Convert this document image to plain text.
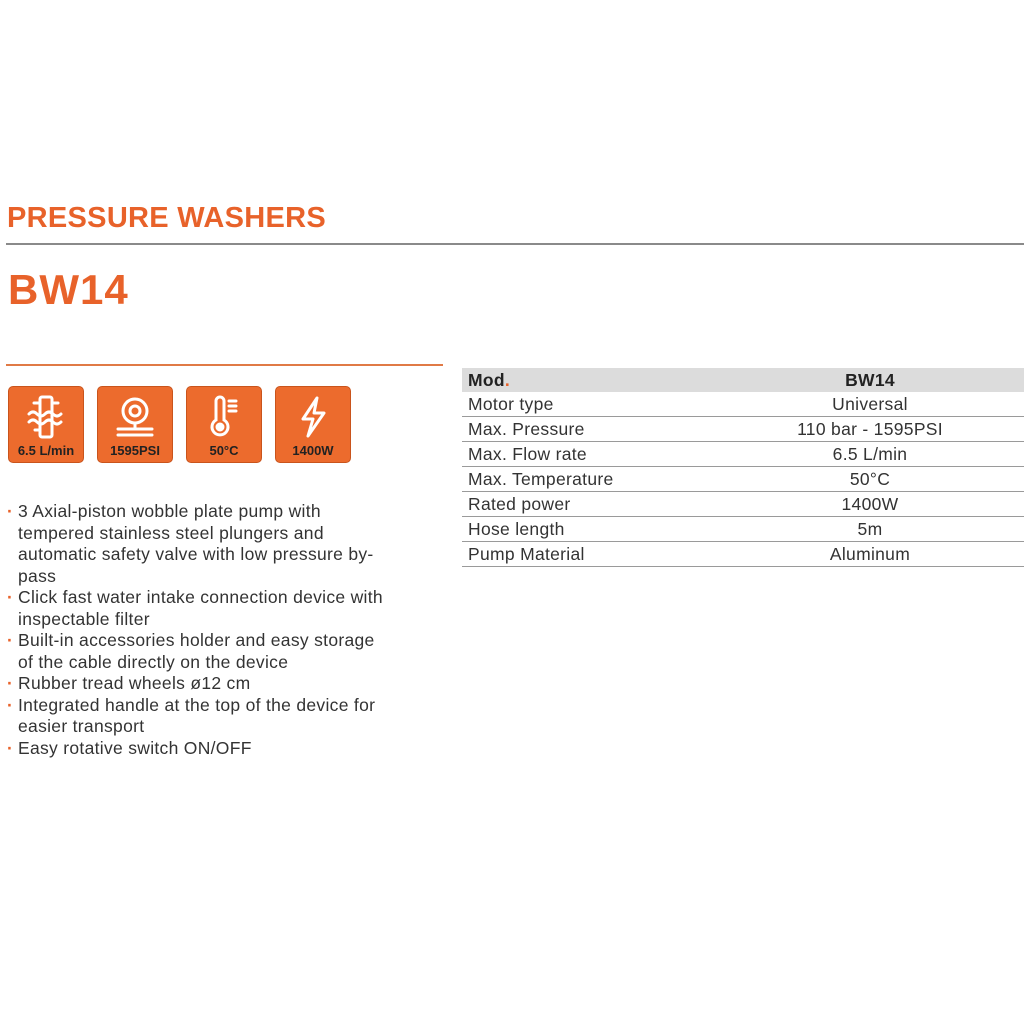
PRESSURE WASHERS
BW14
6.5 L/min	1595PSI	50°C	1400W
· 3 Axial-piston wobble plate pump with tempered stainless steel plungers and automatic safety valve with low pressure by-pass
· Click fast water intake connection device with inspectable filter
· Built-in accessories holder and easy storage of the cable directly on the device
· Rubber tread wheels ø12 cm
· Integrated handle at the top of the device for easier transport
· Easy rotative switch ON/OFF
Mod.	BW14
Motor type	Universal
Max. Pressure	110 bar - 1595PSI
Max. Flow rate	6.5 L/min
Max. Temperature	50°C
Rated power	1400W
Hose length	5m
Pump Material	Aluminum
